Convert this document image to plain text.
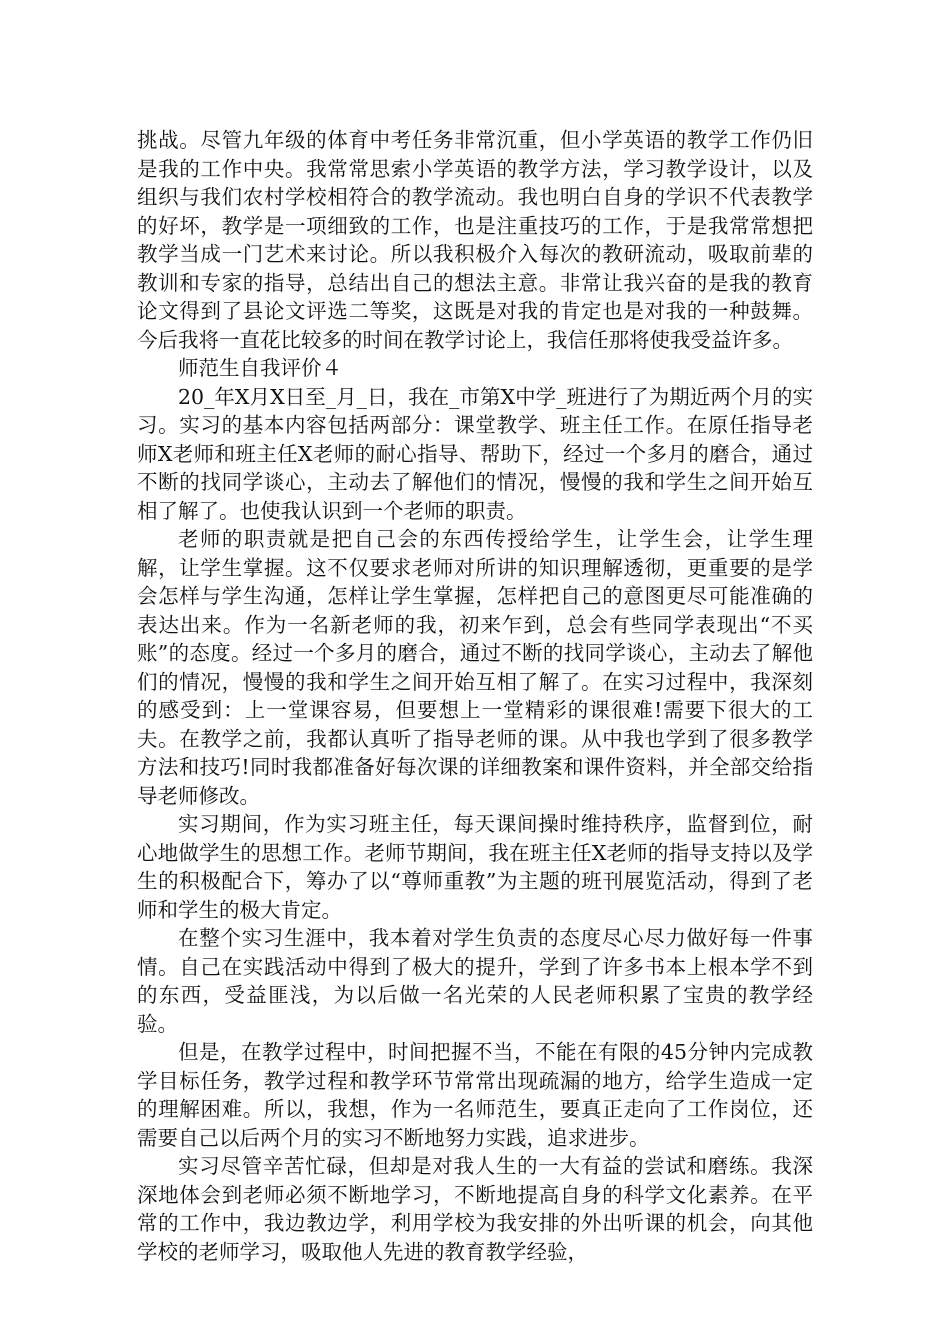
挑战。尽管九年级的体育中考任务非常沉重，但小学英语的教学工作仍旧是我的工作中央。我常常思索小学英语的教学方法，学习教学设计，以及组织与我们农村学校相符合的教学流动。我也明白自身的学识不代表教学的好坏，教学是一项细致的工作，也是注重技巧的工作，于是我常常想把教学当成一门艺术来讨论。所以我积极介入每次的教研流动，吸取前辈的教训和专家的指导，总结出自己的想法主意。非常让我兴奋的是我的教育论文得到了县论文评选二等奖，这既是对我的肯定也是对我的一种鼓舞。今后我将一直花比较多的时间在教学讨论上，我信任那将使我受益许多。

师范生自我评价４

20_年X月X日至_月_日，我在_市第X中学_班进行了为期近两个月的实习。实习的基本内容包括两部分：课堂教学、班主任工作。在原任指导老师X老师和班主任X老师的耐心指导、帮助下，经过一个多月的磨合，通过不断的找同学谈心，主动去了解他们的情况，慢慢的我和学生之间开始互相了解了。也使我认识到一个老师的职责。

老师的职责就是把自己会的东西传授给学生，让学生会，让学生理解，让学生掌握。这不仅要求老师对所讲的知识理解透彻，更重要的是学会怎样与学生沟通，怎样让学生掌握，怎样把自己的意图更尽可能准确的表达出来。作为一名新老师的我，初来乍到，总会有些同学表现出“不买账”的态度。经过一个多月的磨合，通过不断的找同学谈心，主动去了解他们的情况，慢慢的我和学生之间开始互相了解了。在实习过程中，我深刻的感受到：上一堂课容易，但要想上一堂精彩的课很难!需要下很大的工夫。在教学之前，我都认真听了指导老师的课。从中我也学到了很多教学方法和技巧!同时我都准备好每次课的详细教案和课件资料，并全部交给指导老师修改。

实习期间，作为实习班主任，每天课间操时维持秩序，监督到位，耐心地做学生的思想工作。老师节期间，我在班主任X老师的指导支持以及学生的积极配合下，筹办了以“尊师重教”为主题的班刊展览活动，得到了老师和学生的极大肯定。

在整个实习生涯中，我本着对学生负责的态度尽心尽力做好每一件事情。自己在实践活动中得到了极大的提升，学到了许多书本上根本学不到的东西，受益匪浅，为以后做一名光荣的人民老师积累了宝贵的教学经验。

但是，在教学过程中，时间把握不当，不能在有限的45分钟内完成教学目标任务，教学过程和教学环节常常出现疏漏的地方，给学生造成一定的理解困难。所以，我想，作为一名师范生，要真正走向了工作岗位，还需要自己以后两个月的实习不断地努力实践，追求进步。

实习尽管辛苦忙碌，但却是对我人生的一大有益的尝试和磨练。我深深地体会到老师必须不断地学习，不断地提高自身的科学文化素养。在平常的工作中，我边教边学，利用学校为我安排的外出听课的机会，向其他学校的老师学习，吸取他人先进的教育教学经验，
